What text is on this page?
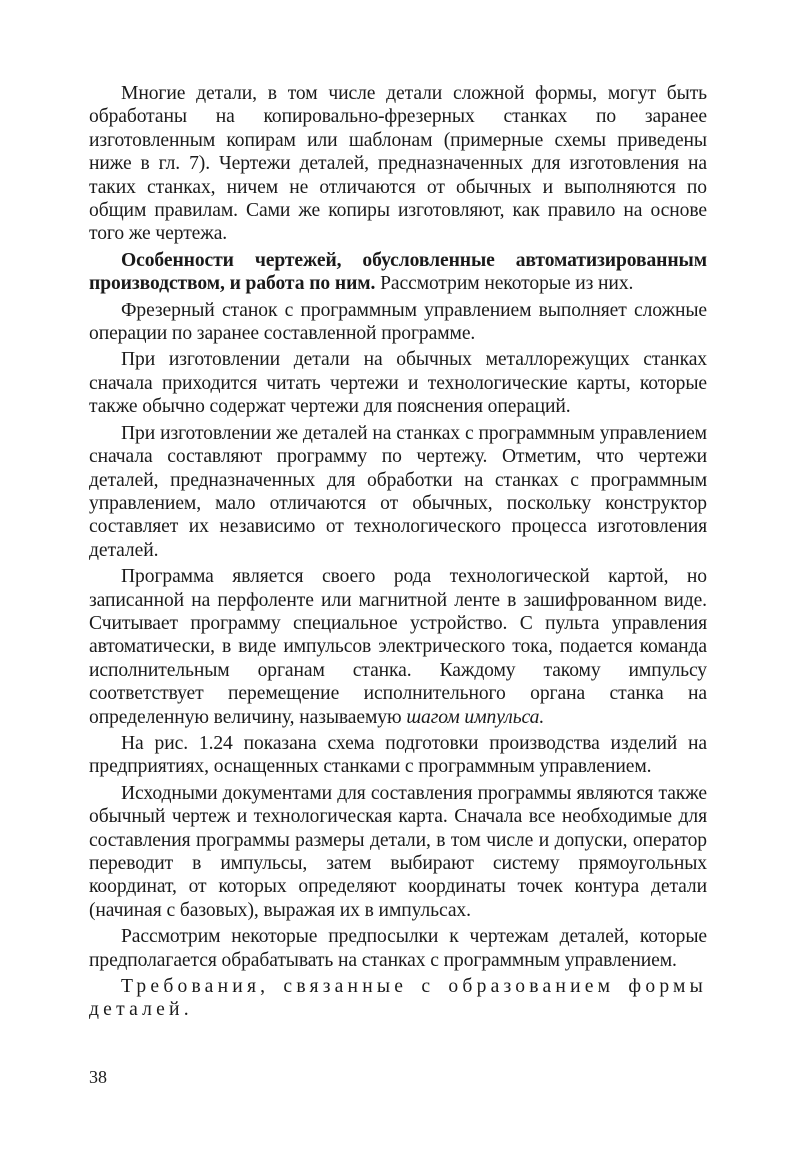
Многие детали, в том числе детали сложной формы, могут быть обработаны на копировально-фрезерных станках по заранее изготовленным копирам или шаблонам (примерные схемы приведены ниже в гл. 7). Чертежи деталей, предназначенных для изготовления на таких станках, ничем не отличаются от обычных и выполняются по общим правилам. Сами же копиры изготовляют, как правило на основе того же чертежа.

Особенности чертежей, обусловленные автоматизированным производством, и работа по ним. Рассмотрим некоторые из них.

Фрезерный станок с программным управлением выполняет сложные операции по заранее составленной программе.

При изготовлении детали на обычных металлорежущих станках сначала приходится читать чертежи и технологические карты, которые также обычно содержат чертежи для пояснения операций.

При изготовлении же деталей на станках с программным управлением сначала составляют программу по чертежу. Отметим, что чертежи деталей, предназначенных для обработки на станках с программным управлением, мало отличаются от обычных, поскольку конструктор составляет их независимо от технологического процесса изготовления деталей.

Программа является своего рода технологической картой, но записанной на перфоленте или магнитной ленте в зашифрованном виде. Считывает программу специальное устройство. С пульта управления автоматически, в виде импульсов электрического тока, подается команда исполнительным органам станка. Каждому такому импульсу соответствует перемещение исполнительного органа станка на определенную величину, называемую шагом импульса.

На рис. 1.24 показана схема подготовки производства изделий на предприятиях, оснащенных станками с программным управлением.

Исходными документами для составления программы являются также обычный чертеж и технологическая карта. Сначала все необходимые для составления программы размеры детали, в том числе и допуски, оператор переводит в импульсы, затем выбирают систему прямоугольных координат, от которых определяют координаты точек контура детали (начиная с базовых), выражая их в импульсах.

Рассмотрим некоторые предпосылки к чертежам деталей, которые предполагается обрабатывать на станках с программным управлением.

Требования, связанные с образованием формы деталей.

38
